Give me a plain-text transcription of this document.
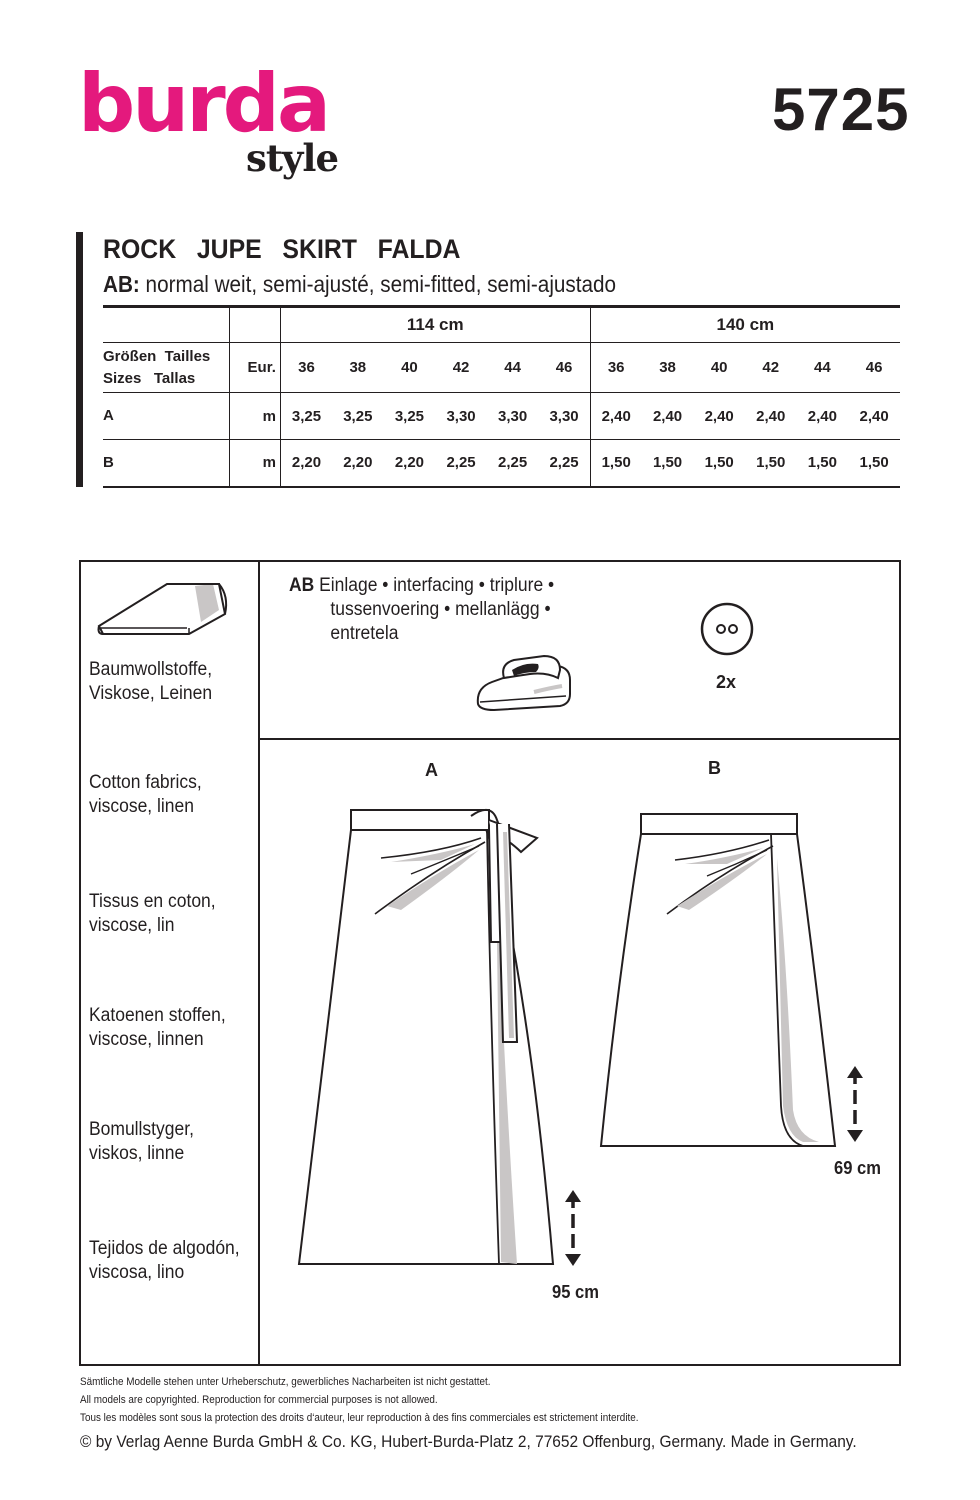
burda
style
5725
ROCK   JUPE   SKIRT   FALDA
AB: normal weit, semi-ajusté, semi-fitted, semi-ajustado
		114 cm						140 cm					

Größen  Tailles
Sizes   Tallas	Eur.	36	38	40	42	44	46	36	38	40	42	44	46
A	m	3,25	3,25	3,25	3,30	3,30	3,30	2,40	2,40	2,40	2,40	2,40	2,40
B	m	2,20	2,20	2,20	2,25	2,25	2,25	1,50	1,50	1,50	1,50	1,50	1,50
Baumwollstoffe,
Viskose, Leinen
Cotton fabrics,
viscose, linen
Tissus en coton,
viscose, lin
Katoenen stoffen,
viscose, linnen
Bomullstyger,
viskos, linne
Tejidos de algodón,
viscosa, lino
AB Einlage • interfacing • triplure •
tussenvoering • mellanlägg •
entretela
2x
A
95 cm
B
69 cm
Sämtliche Modelle stehen unter Urheberschutz, gewerbliches Nacharbeiten ist nicht gestattet.
All models are copyrighted. Reproduction for commercial purposes is not allowed.
Tous les modèles sont sous la protection des droits d‘auteur, leur reproduction à des fins commerciales est strictement interdite.
© by Verlag Aenne Burda GmbH & Co. KG, Hubert-Burda-Platz 2, 77652 Offenburg, Germany. Made in Germany.
